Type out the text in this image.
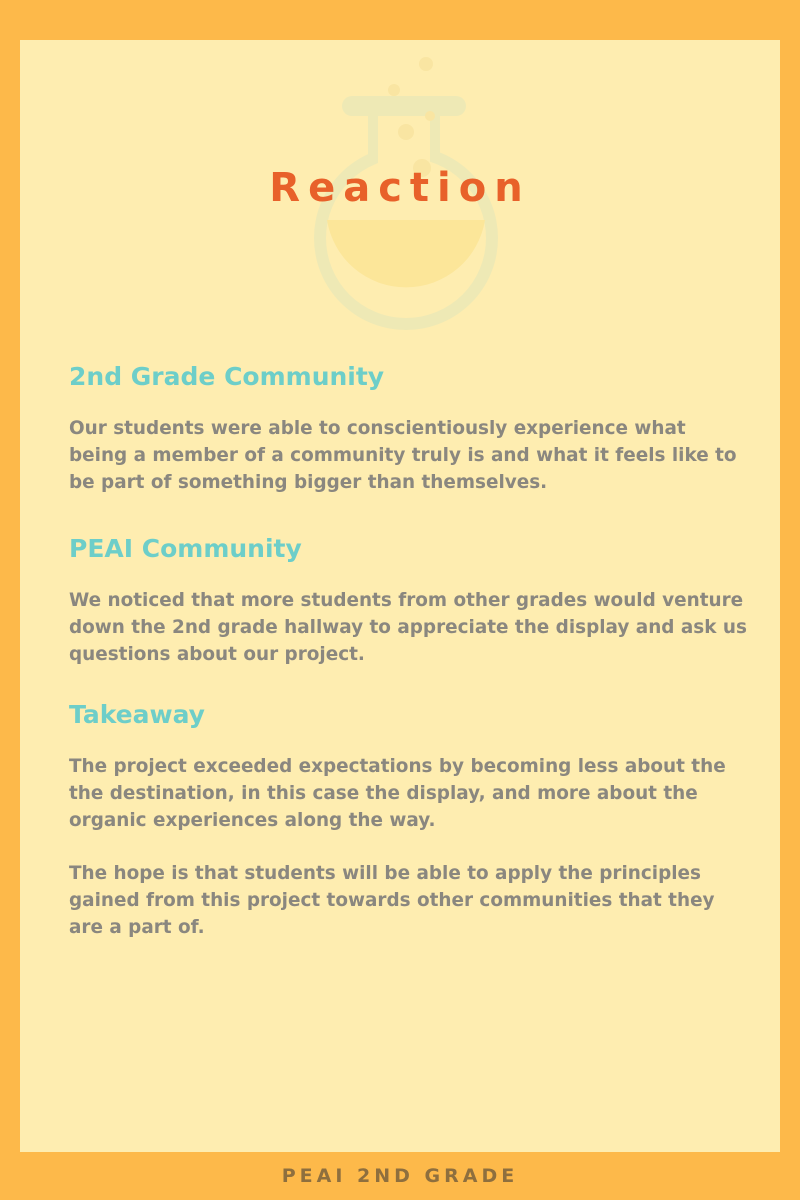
Reaction
2nd Grade Community

Our students were able to conscientiously experience what being a member of a community truly is and what it feels like to be part of something bigger than themselves.

PEAI Community

We noticed that more students from other grades would venture down the 2nd grade hallway to appreciate the display and ask us questions about our project.

Takeaway

The project exceeded expectations by becoming less about the the destination, in this case the display, and more about the organic experiences along the way.

The hope is that students will be able to apply the principles gained from this project towards other communities that they are a part of.

PEAI 2ND GRADE
